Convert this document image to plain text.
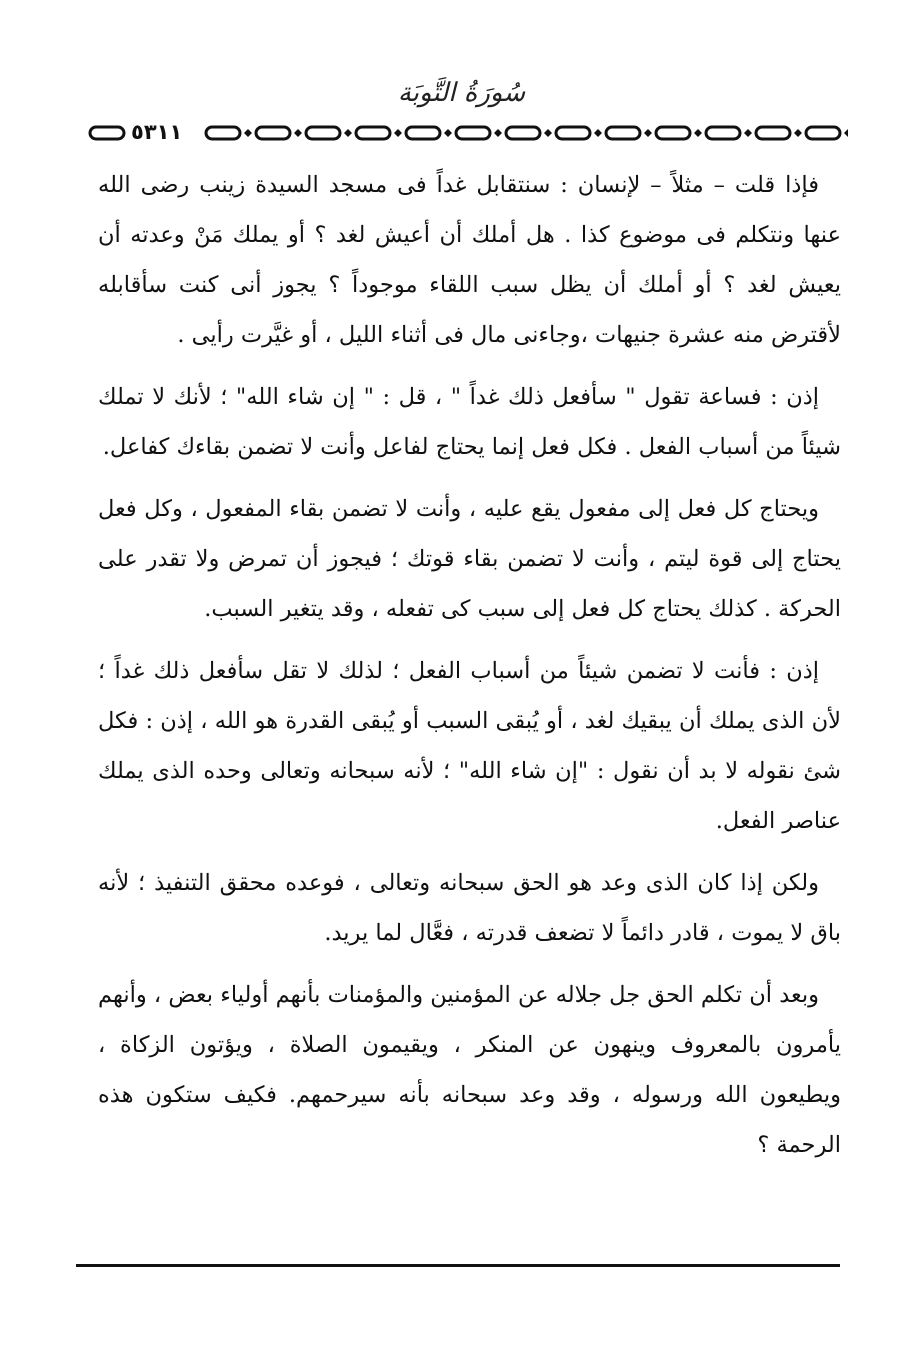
سُورَةُ التَّوبَة
٥٣١١

فإذا قلت – مثلاً – لإنسان : سنتقابل غداً فى مسجد السيدة زينب رضى الله عنها ونتكلم فى موضوع كذا . هل أملك أن أعيش لغد ؟ أو يملك مَنْ وعدته أن يعيش لغد ؟ أو أملك أن يظل سبب اللقاء موجوداً ؟ يجوز أنى كنت سأقابله لأقترض منه عشرة جنيهات ،وجاءنى مال فى أثناء الليل ، أو غيَّرت رأيى .

إذن : فساعة تقول " سأفعل ذلك غداً " ، قل : " إن شاء الله" ؛ لأنك لا تملك شيئاً من أسباب الفعل . فكل فعل إنما يحتاج لفاعل وأنت لا تضمن بقاءك كفاعل.

ويحتاج كل فعل إلى مفعول يقع عليه ، وأنت لا تضمن بقاء المفعول ، وكل فعل يحتاج إلى قوة ليتم ، وأنت لا تضمن بقاء قوتك ؛ فيجوز أن تمرض ولا تقدر على الحركة . كذلك يحتاج كل فعل إلى سبب كى تفعله ، وقد يتغير السبب.

إذن : فأنت لا تضمن شيئاً من أسباب الفعل ؛ لذلك لا تقل سأفعل ذلك غداً ؛ لأن الذى يملك أن يبقيك لغد ، أو يُبقى السبب أو يُبقى القدرة هو الله ، إذن : فكل شئ نقوله لا بد أن نقول : "إن شاء الله" ؛ لأنه سبحانه وتعالى وحده الذى يملك عناصر الفعل.

ولكن إذا كان الذى وعد هو الحق سبحانه وتعالى ، فوعده محقق التنفيذ ؛ لأنه باق لا يموت ، قادر دائماً لا تضعف قدرته ، فعَّال لما يريد.

وبعد أن تكلم الحق جل جلاله عن المؤمنين والمؤمنات بأنهم أولياء بعض ، وأنهم يأمرون بالمعروف وينهون عن المنكر ، ويقيمون الصلاة ، ويؤتون الزكاة ، ويطيعون الله ورسوله ، وقد وعد سبحانه بأنه سيرحمهم. فكيف ستكون هذه الرحمة ؟
